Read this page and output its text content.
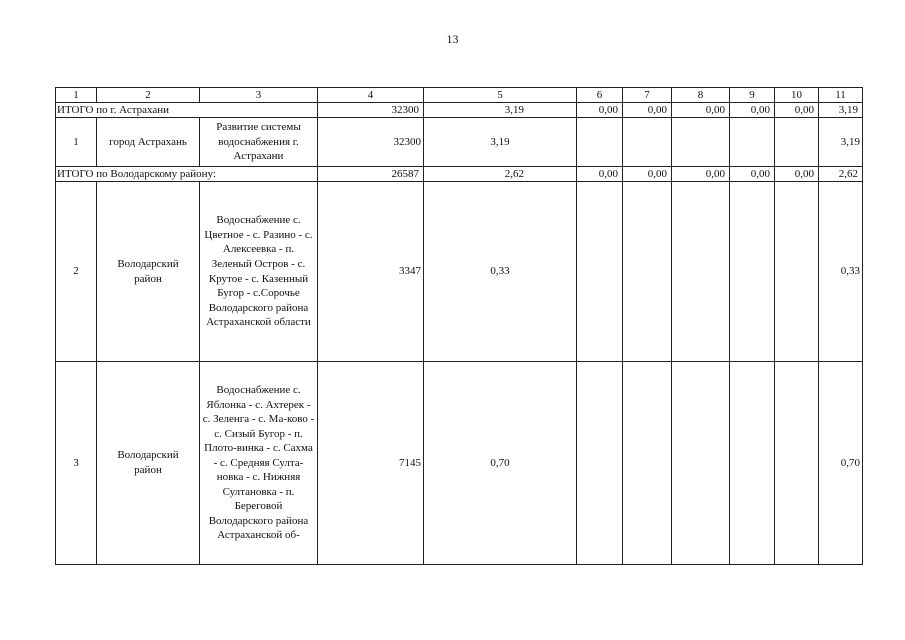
13
1	2	3	4	5	6	7	8	9	10	11
ИТОГО по г. Астрахани			32300	3,19	0,00	0,00	0,00	0,00	0,00	3,19
1	город Астрахань	Развитие системы водоснабжения г. Астрахани	32300	3,19						3,19
ИТОГО по Володарскому району:			26587	2,62	0,00	0,00	0,00	0,00	0,00	2,62
2	Володарский район	Водоснабжение с. Цветное - с. Разино - с. Алексеевка - п. Зеленый Остров - с. Крутое - с. Казенный Бугор - с.Сорочье Володарского района Астраханской области	3347	0,33						0,33
3	Володарский район	Водоснабжение с. Яблонка - с. Ахтерек - с. Зеленга - с. Ма-ково - с. Сизый Бугор - п. Плото-винка - с. Сахма - с. Средняя Султа-новка - с. Нижняя Султановка - п. Береговой Володарского района Астраханской об-	7145	0,70						0,70
